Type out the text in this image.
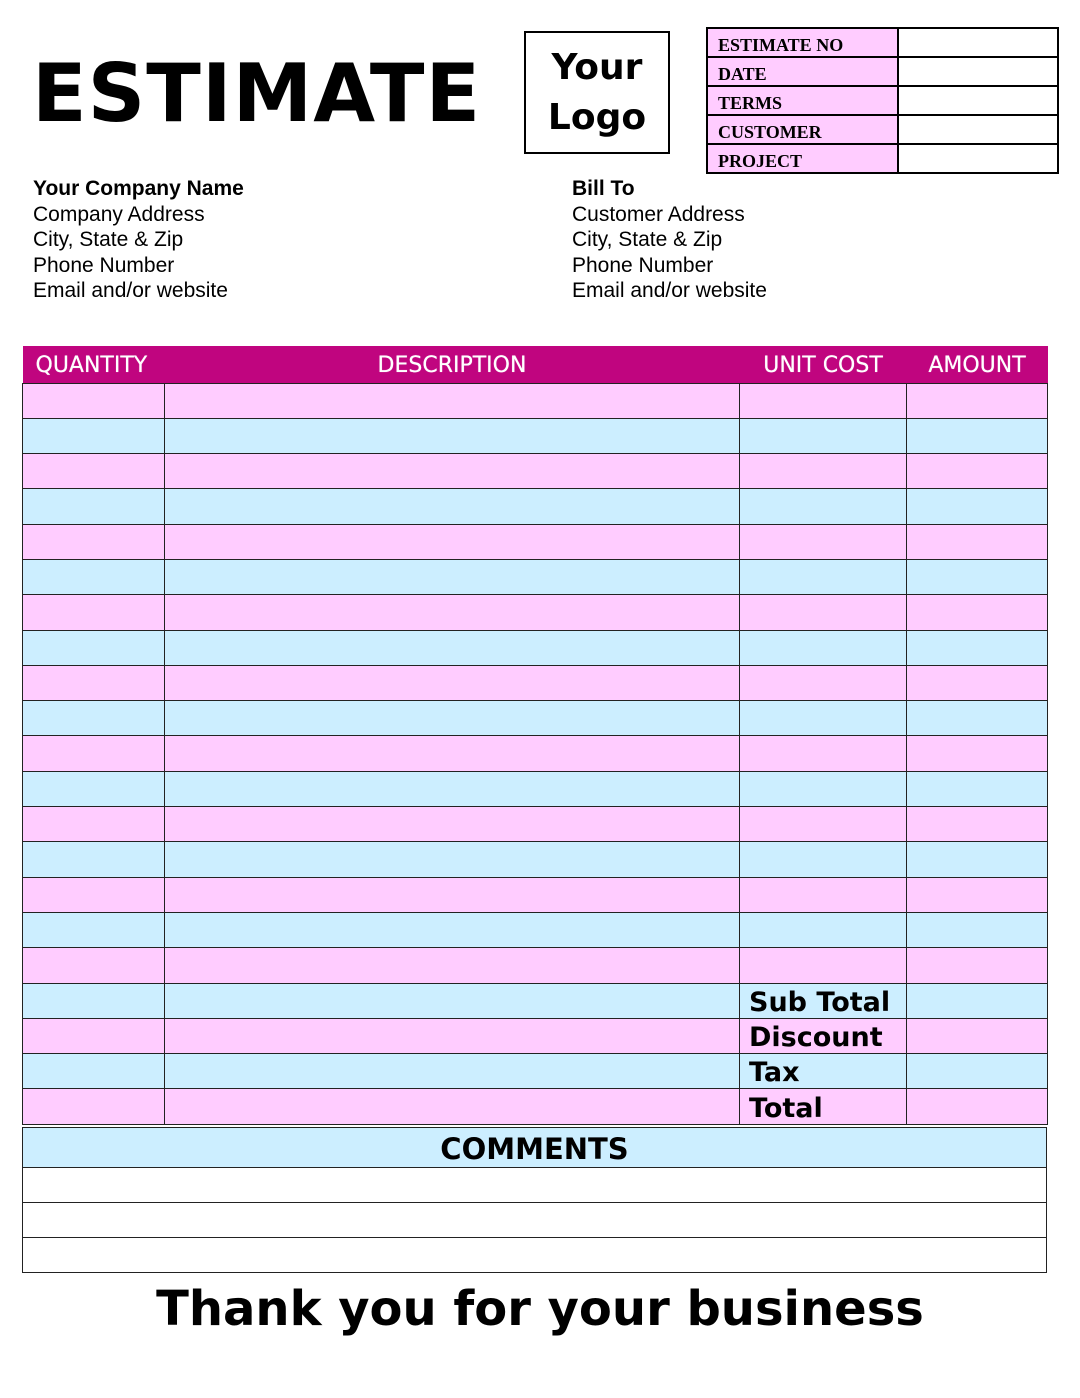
ESTIMATE Your
Logo
ESTIMATE NO	
DATE	
TERMS	
CUSTOMER	
PROJECT	
Your Company Name
Company Address
City, State & Zip
Phone Number
Email and/or website
Bill To
Customer Address
City, State & Zip
Phone Number
Email and/or website
QUANTITY	DESCRIPTION	UNIT COST	AMOUNT

		Sub Total	
		Discount	
		Tax	
		Total	
COMMENTS

Thank you for your business
